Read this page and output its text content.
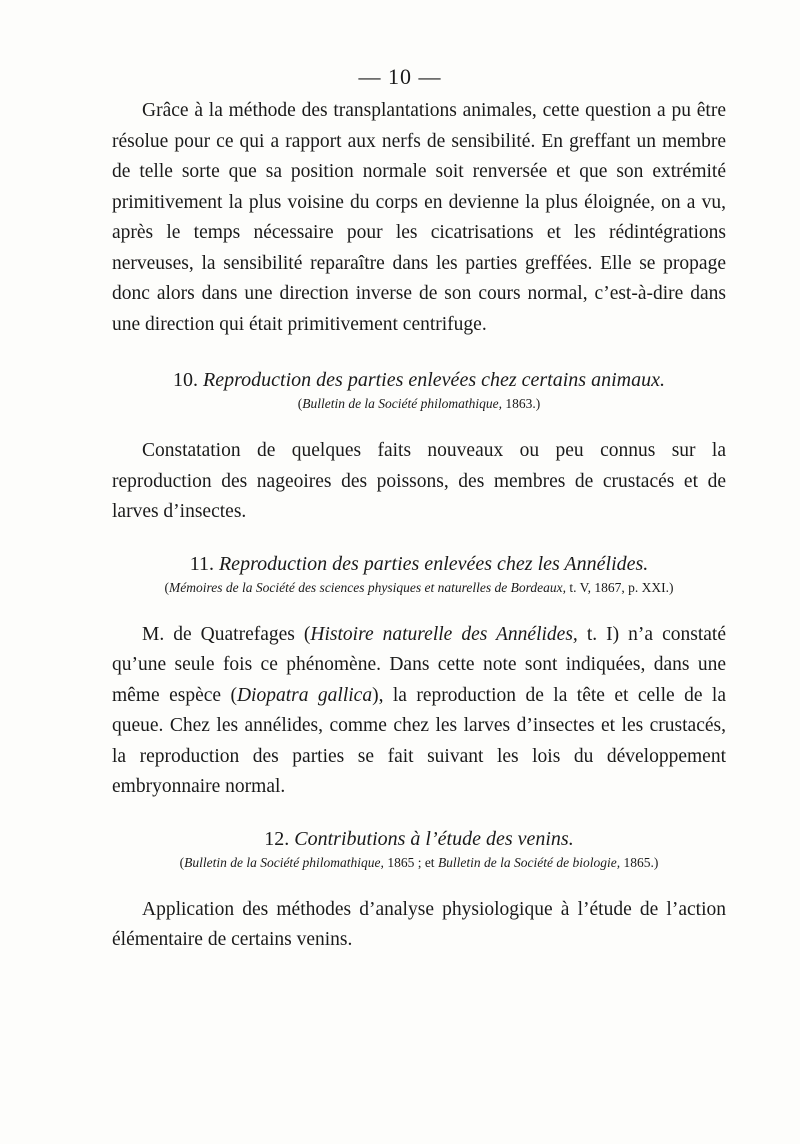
— 10 —

Grâce à la méthode des transplantations animales, cette question a pu être résolue pour ce qui a rapport aux nerfs de sensibilité. En greffant un membre de telle sorte que sa position normale soit renversée et que son extrémité primitivement la plus voisine du corps en devienne la plus éloignée, on a vu, après le temps nécessaire pour les cicatrisations et les rédintégrations nerveuses, la sensibilité reparaître dans les parties greffées. Elle se propage donc alors dans une direction inverse de son cours normal, c’est-à-dire dans une direction qui était primitivement centrifuge.

10. Reproduction des parties enlevées chez certains animaux.

(Bulletin de la Société philomathique, 1863.)

Constatation de quelques faits nouveaux ou peu connus sur la reproduction des nageoires des poissons, des membres de crustacés et de larves d’insectes.

11. Reproduction des parties enlevées chez les Annélides.

(Mémoires de la Société des sciences physiques et naturelles de Bordeaux, t. V, 1867, p. XXI.)

M. de Quatrefages (Histoire naturelle des Annélides, t. I) n’a constaté qu’une seule fois ce phénomène. Dans cette note sont indiquées, dans une même espèce (Diopatra gallica), la reproduction de la tête et celle de la queue. Chez les annélides, comme chez les larves d’insectes et les crustacés, la reproduction des parties se fait suivant les lois du développement embryonnaire normal.

12. Contributions à l’étude des venins.

(Bulletin de la Société philomathique, 1865 ; et Bulletin de la Société de biologie, 1865.)

Application des méthodes d’analyse physiologique à l’étude de l’action élémentaire de certains venins.
